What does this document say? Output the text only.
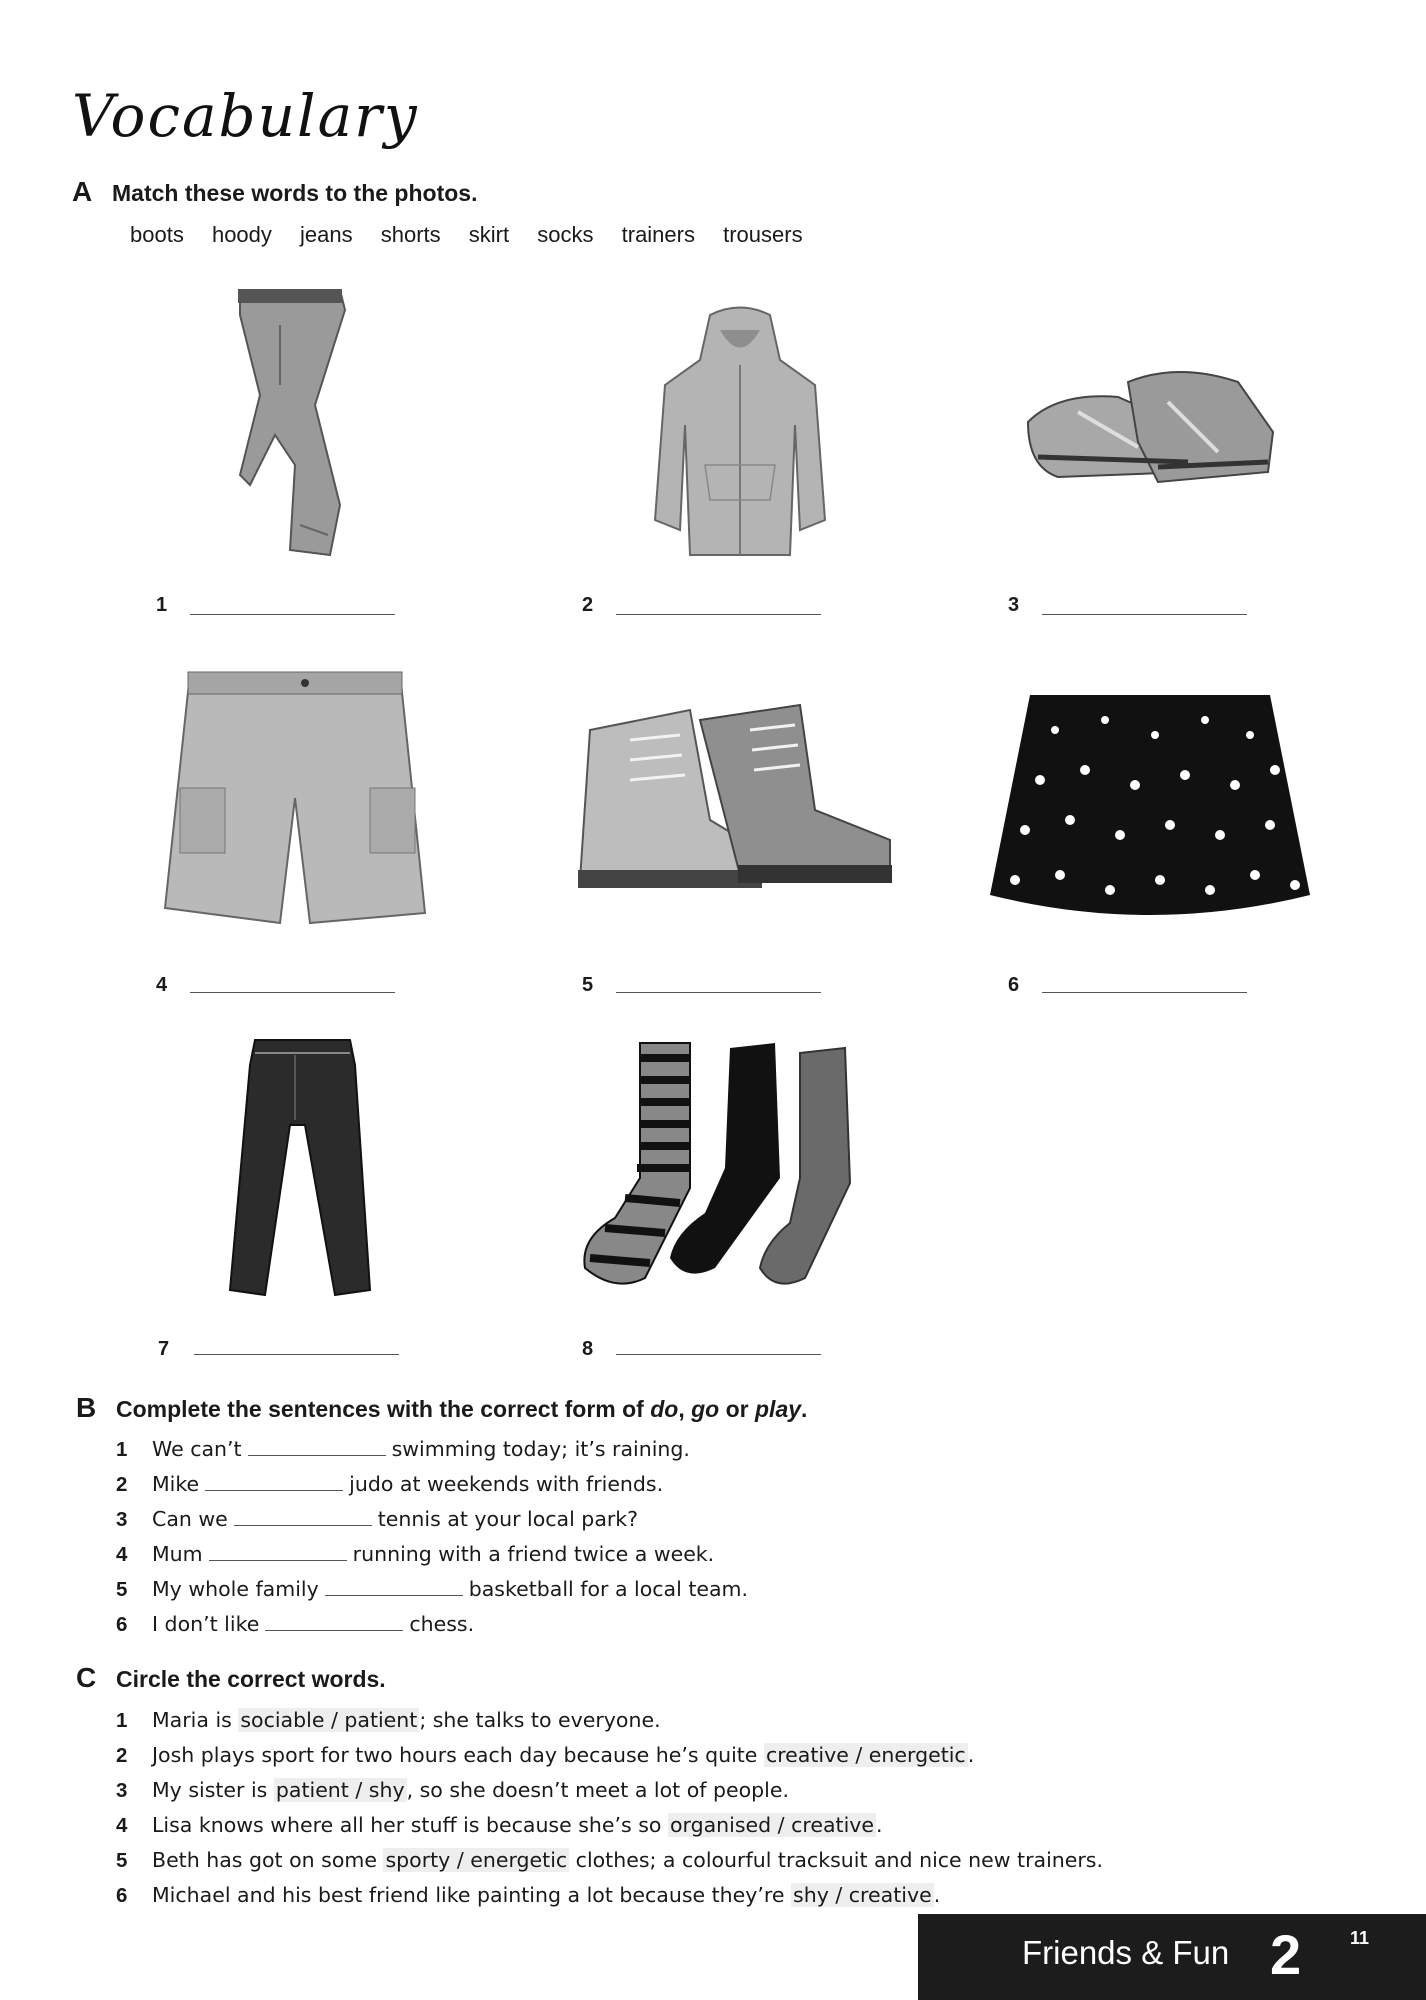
Vocabulary
A Match these words to the photos.
boots hoody jeans shorts skirt socks trainers trousers
1	2	3
4	5	6
7	8
B Complete the sentences with the correct form of do, go or play.
1 We can’t	swimming today; it’s raining.
2 Mike	judo at weekends with friends.
3 Can we	tennis at your local park?
4 Mum	running with a friend twice a week.
5 My whole family	basketball for a local team.
6 I don’t like	chess.
C Circle the correct words.
1 Maria is sociable / patient; she talks to everyone.
2 Josh plays sport for two hours each day because he’s quite creative / energetic.
3 My sister is patient / shy, so she doesn’t meet a lot of people.
4 Lisa knows where all her stuff is because she’s so organised / creative.
5 Beth has got on some sporty / energetic clothes; a colourful tracksuit and nice new trainers.
6 Michael and his best friend like painting a lot because they’re shy / creative.
Friends & Fun 2	11
